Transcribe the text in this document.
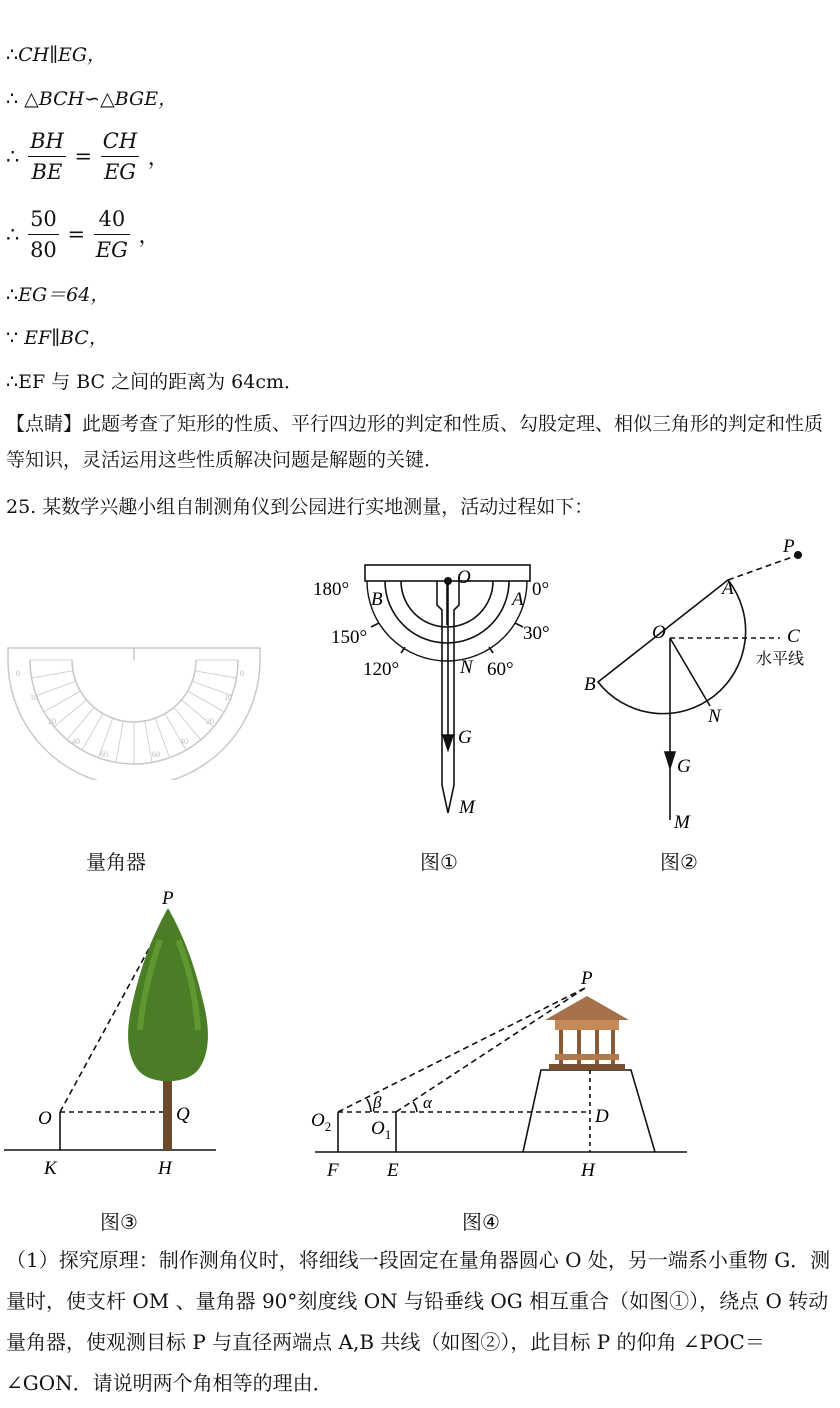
∴CH∥EG，
∴ △BCH∽△BGE，
∴ $\frac{BH}{BE} = \frac{CH}{EG}$ ，
∴ $\frac{50}{80} = \frac{40}{EG}$ ，
∴EG＝64，
∵ EF∥BC，
∴EF 与 BC 之间的距离为 64cm．
【点睛】此题考查了矩形的性质、平行四边形的判定和性质、勾股定理、相似三角形的判定和性质等知识，灵活运用这些性质解决问题是解题的关键．
25. 某数学兴趣小组自制测角仪到公园进行实地测量，活动过程如下：
0	0
10	10
20	20
40	40
60	60
量角器
O
B	A
N
G
M
180°	0°
150°	30°
120°	60°
图①
P
A
O	C
水平线
B
N
G
M
图②
P
O	Q
K	H
图③
P
$O_2$ $O_1$
β α
D
F	E	H
图④
（1）探究原理：制作测角仪时，将细线一段固定在量角器圆心 O 处，另一端系小重物 G．测量时，使支杆 OM 、量角器 90°刻度线 ON 与铅垂线 OG 相互重合（如图①），绕点 O 转动量角器，使观测目标 P 与直径两端点 A,B 共线（如图②），此目标 P 的仰角 ∠POC＝∠GON．请说明两个角相等的理由．
